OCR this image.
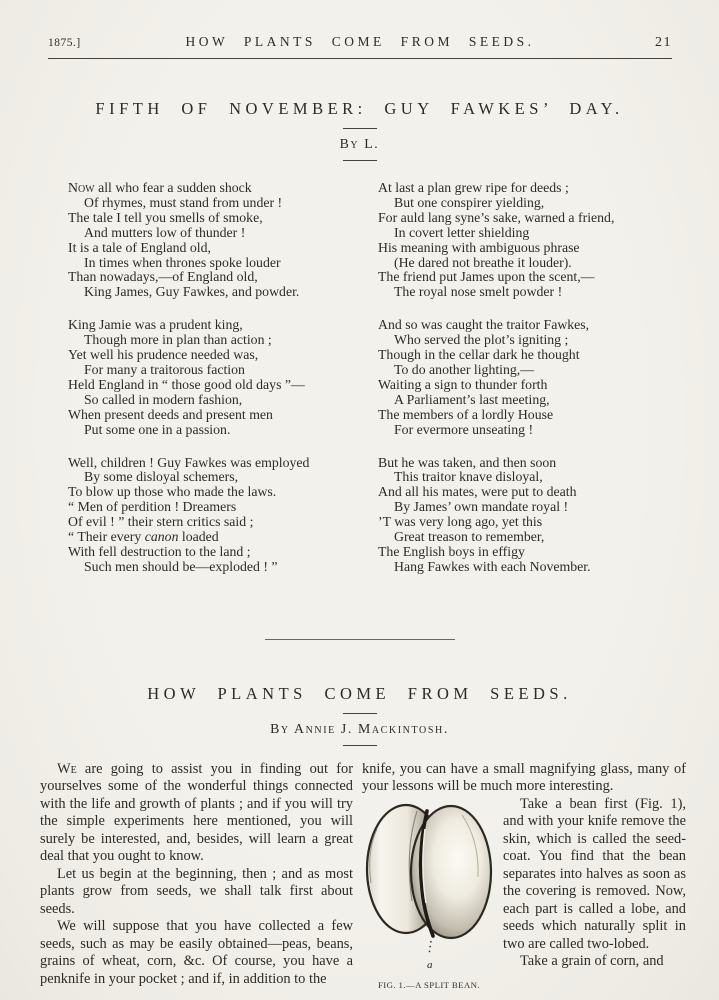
1875.]	HOW PLANTS COME FROM SEEDS.	21
FIFTH OF NOVEMBER: GUY FAWKES’ DAY.
By L.
Now all who fear a sudden shock
Of rhymes, must stand from under !
The tale I tell you smells of smoke,
And mutters low of thunder !
It is a tale of England old,
In times when thrones spoke louder
Than nowadays,—of England old,
King James, Guy Fawkes, and powder.
King Jamie was a prudent king,
Though more in plan than action ;
Yet well his prudence needed was,
For many a traitorous faction
Held England in “ those good old days ”—
So called in modern fashion,
When present deeds and present men
Put some one in a passion.
Well, children ! Guy Fawkes was employed
By some disloyal schemers,
To blow up those who made the laws.
“ Men of perdition ! Dreamers
Of evil ! ” their stern critics said ;
“ Their every canon loaded
With fell destruction to the land ;
Such men should be—exploded ! ”
At last a plan grew ripe for deeds ;
But one conspirer yielding,
For auld lang syne’s sake, warned a friend,
In covert letter shielding
His meaning with ambiguous phrase
(He dared not breathe it louder).
The friend put James upon the scent,—
The royal nose smelt powder !
And so was caught the traitor Fawkes,
Who served the plot’s igniting ;
Though in the cellar dark he thought
To do another lighting,—
Waiting a sign to thunder forth
A Parliament’s last meeting,
The members of a lordly House
For evermore unseating !
But he was taken, and then soon
This traitor knave disloyal,
And all his mates, were put to death
By James’ own mandate royal !
’T was very long ago, yet this
Great treason to remember,
The English boys in effigy
Hang Fawkes with each November.
HOW PLANTS COME FROM SEEDS.
By Annie J. Mackintosh.

We are going to assist you in finding out for yourselves some of the wonderful things connected with the life and growth of plants ; and if you will try the simple experiments here mentioned, you will surely be interested, and, besides, will learn a great deal that you ought to know.

Let us begin at the beginning, then ; and as most plants grow from seeds, we shall talk first about seeds.

We will suppose that you have collected a few seeds, such as may be easily obtained—peas, beans, grains of wheat, corn, &c. Of course, you have a penknife in your pocket ; and if, in addition to the

knife, you can have a small magnifying glass, many of your lessons will be much more interesting.

a
FIG. 1.—A SPLIT BEAN.

Take a bean first (Fig. 1), and with your knife remove the skin, which is called the seed-coat. You find that the bean separates into halves as soon as the covering is removed. Now, each part is called a lobe, and seeds which naturally split in two are called two-lobed.

Take a grain of corn, and
